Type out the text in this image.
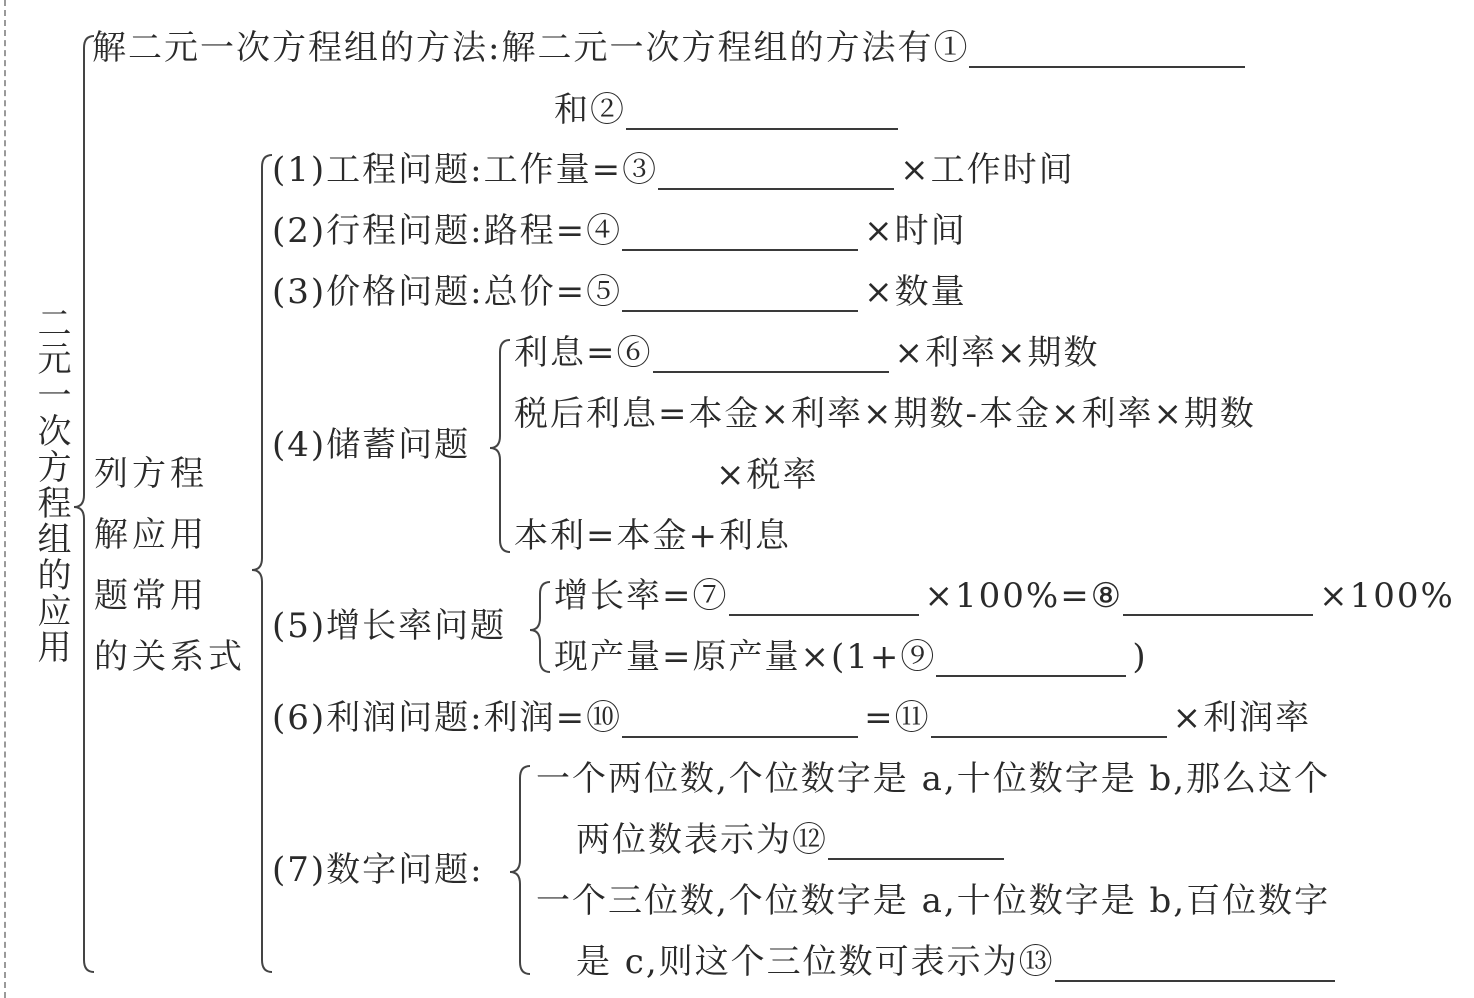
二元一次方程组的应用
解二元一次方程组的方法:解二元一次方程组的方法有①
和②
列方程
解应用
题常用
的关系式
(1)工程问题:工作量=③	×工作时间
(2)行程问题:路程=④	×时间
(3)价格问题:总价=⑤	×数量
(4)储蓄问题
利息=⑥	×利率×期数
税后利息=本金×利率×期数-本金×利率×期数
×税率
本利=本金+利息
(5)增长率问题
增长率=⑦	×100%=⑧	×100%
现产量=原产量×(1+⑨	)
(6)利润问题:利润=⑩	=⑪	×利润率
(7)数字问题:
一个两位数,个位数字是 a,十位数字是 b,那么这个
两位数表示为⑫
一个三位数,个位数字是 a,十位数字是 b,百位数字
是 c,则这个三位数可表示为⑬
